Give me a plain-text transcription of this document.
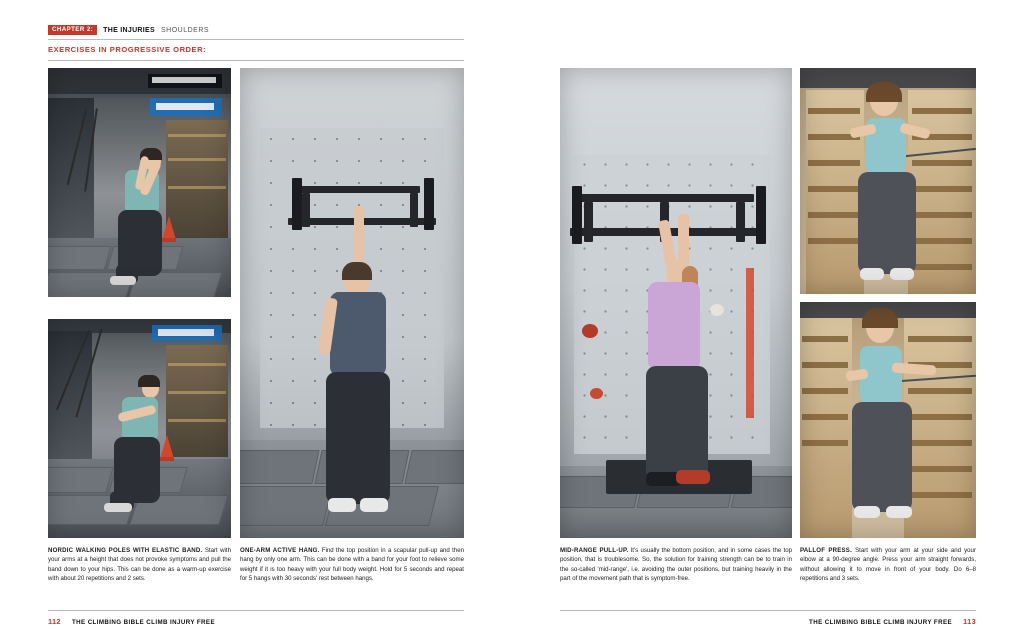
CHAPTER 2:	THE INJURIES SHOULDERS
EXERCISES IN PROGRESSIVE ORDER:
NORDIC WALKING POLES WITH ELASTIC BAND. Start with your arms at a height that does not provoke symptoms and pull the band down to your hips. This can be done as a warm-up exercise with about 20 repetitions and 2 sets.
ONE-ARM ACTIVE HANG. Find the top position in a scapular pull-up and then hang by only one arm. This can be done with a band for your foot to relieve some weight if it is too heavy with your full body weight. Hold for 5 seconds and repeat for 5 hangs with 30 seconds' rest between hangs.
112 THE CLIMBING BIBLE CLIMB INJURY FREE
MID-RANGE PULL-UP. It's usually the bottom position, and in some cases the top position, that is troublesome. So, the solution for training strength can be to train in the so-called 'mid-range', i.e. avoiding the outer positions, but training heavily in the part of the movement path that is symptom-free.
PALLOF PRESS. Start with your arm at your side and your elbow at a 90-degree angle. Press your arm straight forwards, without allowing it to move in front of your body. Do 6–8 repetitions and 3 sets.
THE CLIMBING BIBLE CLIMB INJURY FREE 113
